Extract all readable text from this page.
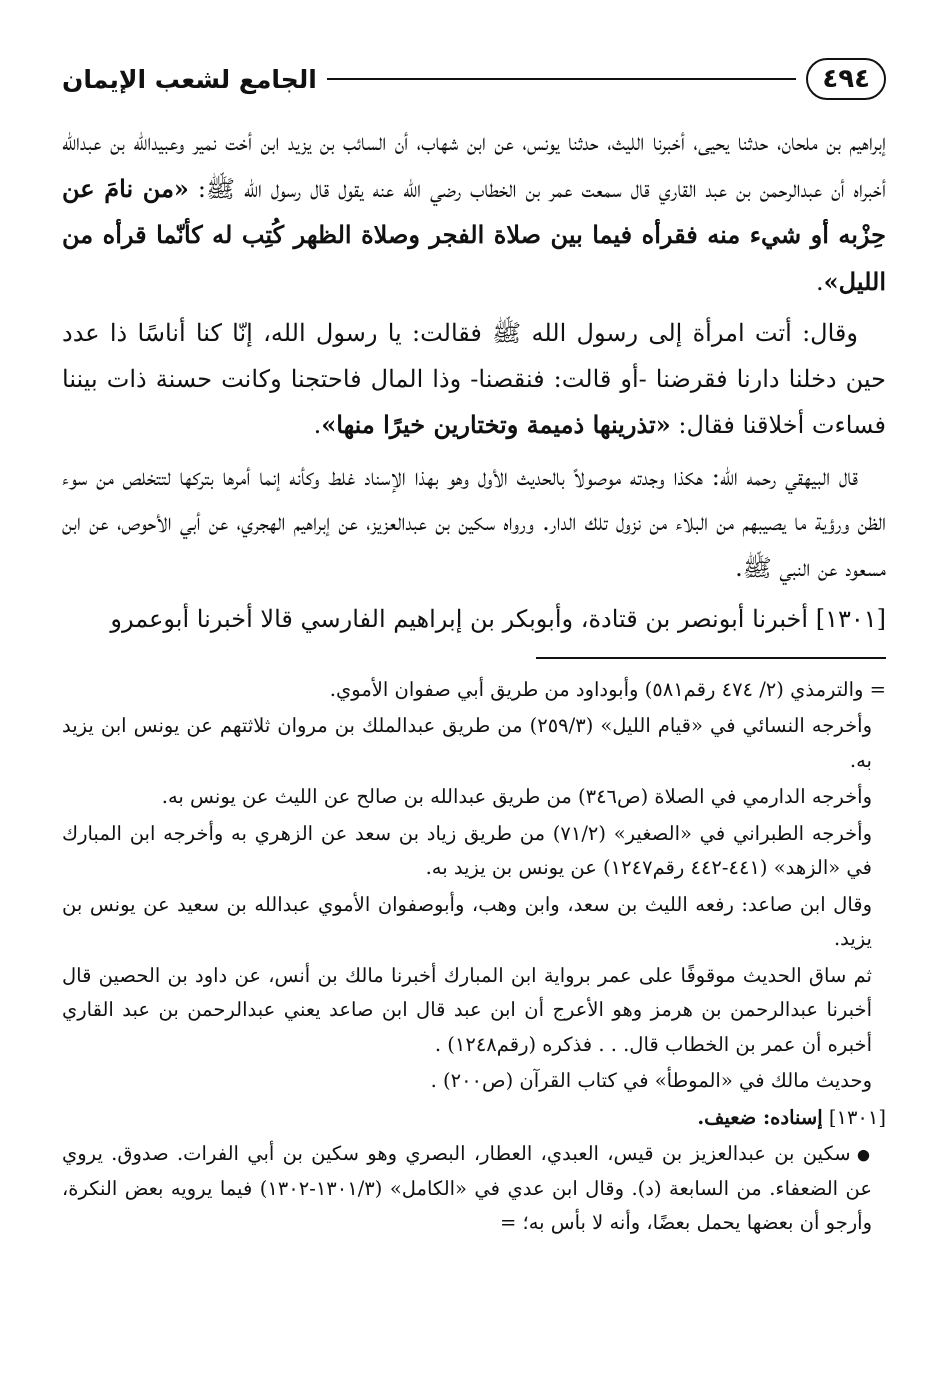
٤٩٤
الجامع لشعب الإيمان

إبراهيم بن ملحان، حدثنا يحيى، أخبرنا الليث، حدثنا يونس، عن ابن شهاب، أن السائب بن يزيد ابن أخت نمير وعبيدالله بن عبدالله أخبراه أن عبدالرحمن بن عبد القاري قال سمعت عمر بن الخطاب رضي الله عنه يقول قال رسول الله ﷺ: «من نامَ عن حِزْبه أو شيء منه فقرأه فيما بين صلاة الفجر وصلاة الظهر كُتِب له كأنّما قرأه من الليل».

وقال: أتت امرأة إلى رسول الله ﷺ فقالت: يا رسول الله، إنّا كنا أناسًا ذا عدد حين دخلنا دارنا فقرضنا -أو قالت: فنقصنا- وذا المال فاحتجنا وكانت حسنة ذات بيننا فساءت أخلاقنا فقال: «تذرينها ذميمة وتختارين خيرًا منها».

قال البيهقي رحمه الله: هكذا وجدته موصولاً بالحديث الأول وهو بهذا الإسناد غلط وكأنه إنما أمرها بتركها لتتخلص من سوء الظن ورؤية ما يصيبهم من البلاء من نزول تلك الدار. ورواه سكين بن عبدالعزيز، عن إبراهيم الهجري، عن أبي الأحوص، عن ابن مسعود عن النبي ﷺ.

[١٣٠١] أخبرنا أبونصر بن قتادة، وأبوبكر بن إبراهيم الفارسي قالا أخبرنا أبوعمرو

= والترمذي (٢/ ٤٧٤ رقم٥٨١) وأبوداود من طريق أبي صفوان الأموي.

وأخرجه النسائي في «قيام الليل» (٢٥٩/٣) من طريق عبدالملك بن مروان ثلاثتهم عن يونس ابن يزيد به.

وأخرجه الدارمي في الصلاة (ص٣٤٦) من طريق عبدالله بن صالح عن الليث عن يونس به.

وأخرجه الطبراني في «الصغير» (٧١/٢) من طريق زياد بن سعد عن الزهري به وأخرجه ابن المبارك في «الزهد» (٤٤١-٤٤٢ رقم١٢٤٧) عن يونس بن يزيد به.

وقال ابن صاعد: رفعه الليث بن سعد، وابن وهب، وأبوصفوان الأموي عبدالله بن سعيد عن يونس بن يزيد.

ثم ساق الحديث موقوفًا على عمر برواية ابن المبارك أخبرنا مالك بن أنس، عن داود بن الحصين قال أخبرنا عبدالرحمن بن هرمز وهو الأعرج أن ابن عبد قال ابن صاعد يعني عبدالرحمن بن عبد القاري أخبره أن عمر بن الخطاب قال. . . فذكره (رقم١٢٤٨) .

وحديث مالك في «الموطأ» في كتاب القرآن (ص٢٠٠) .

[١٣٠١] إسناده: ضعيف.

● سكين بن عبدالعزيز بن قيس، العبدي، العطار، البصري وهو سكين بن أبي الفرات. صدوق. يروي عن الضعفاء. من السابعة (د). وقال ابن عدي في «الكامل» (١٣٠١/٣-١٣٠٢) فيما يرويه بعض النكرة، وأرجو أن بعضها يحمل بعضًا، وأنه لا بأس به؛ =
